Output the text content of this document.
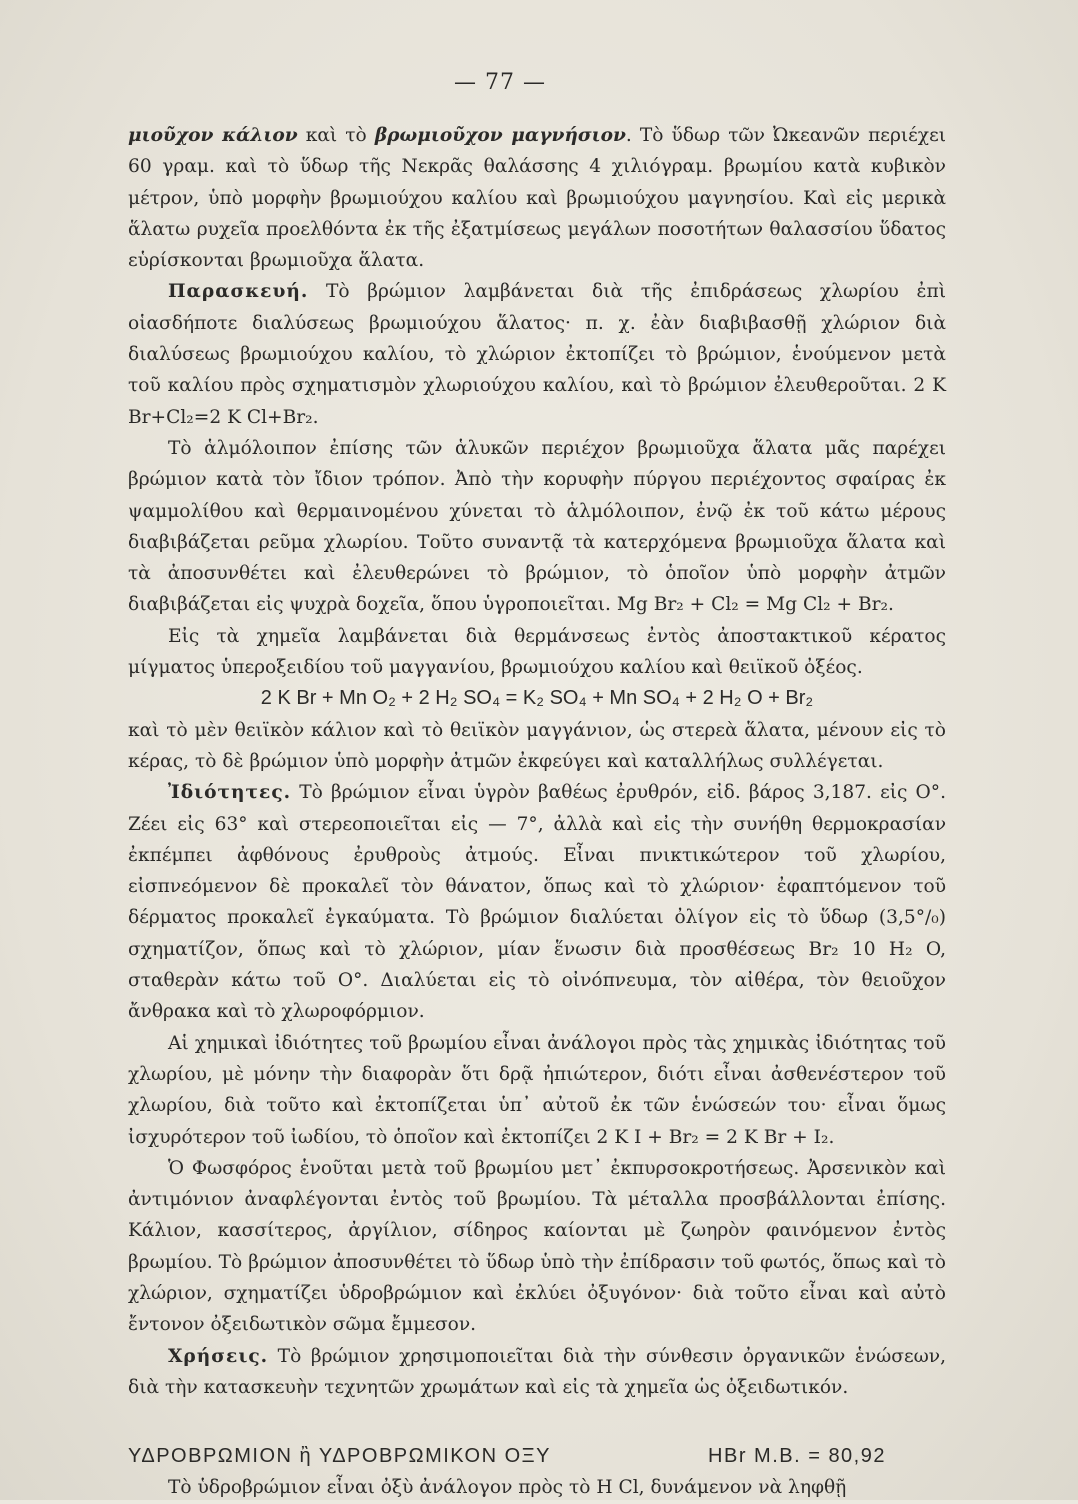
— 77 —

μιοῦχον κάλιον καὶ τὸ βρωμιοῦχον μαγνήσιον. Τὸ ὕδωρ τῶν Ὠκεανῶν περιέχει 60 γραμ. καὶ τὸ ὕδωρ τῆς Νεκρᾶς θαλάσσης 4 χιλιόγραμ. βρωμίου κατὰ κυβικὸν μέτρον, ὑπὸ μορφὴν βρωμιούχου καλίου καὶ βρωμιούχου μαγνησίου. Καὶ εἰς μερικὰ ἅλατω ρυχεῖα προελθόντα ἐκ τῆς ἐξατμίσεως μεγάλων ποσοτήτων θαλασσίου ὕδατος εὑρίσκονται βρωμιοῦχα ἅλατα.

Παρασκευή. Τὸ βρώμιον λαμβάνεται διὰ τῆς ἐπιδράσεως χλωρίου ἐπὶ οἱασδήποτε διαλύσεως βρωμιούχου ἅλατος· π. χ. ἐὰν διαβιβασθῇ χλώριον διὰ διαλύσεως βρωμιούχου καλίου, τὸ χλώριον ἐκτοπίζει τὸ βρώμιον, ἑνούμενον μετὰ τοῦ καλίου πρὸς σχηματισμὸν χλωριούχου καλίου, καὶ τὸ βρώμιον ἐλευθεροῦται. 2 K Br+Cl₂=2 K Cl+Br₂.

Τὸ ἁλμόλοιπον ἐπίσης τῶν ἁλυκῶν περιέχον βρωμιοῦχα ἅλατα μᾶς παρέχει βρώμιον κατὰ τὸν ἴδιον τρόπον. Ἀπὸ τὴν κορυφὴν πύργου περιέχοντος σφαίρας ἐκ ψαμμολίθου καὶ θερμαινομένου χύνεται τὸ ἁλμόλοιπον, ἐνῷ ἐκ τοῦ κάτω μέρους διαβιβάζεται ρεῦμα χλωρίου. Τοῦτο συναντᾷ τὰ κατερχόμενα βρωμιοῦχα ἅλατα καὶ τὰ ἀποσυνθέτει καὶ ἐλευθερώνει τὸ βρώμιον, τὸ ὁποῖον ὑπὸ μορφὴν ἀτμῶν διαβιβάζεται εἰς ψυχρὰ δοχεῖα, ὅπου ὑγροποιεῖται. Mg Br₂ + Cl₂ = Mg Cl₂ + Br₂.

Εἰς τὰ χημεῖα λαμβάνεται διὰ θερμάνσεως ἐντὸς ἀποστακτικοῦ κέρατος μίγματος ὑπεροξειδίου τοῦ μαγγανίου, βρωμιούχου καλίου καὶ θειϊκοῦ ὀξέος.

2 K Br + Mn O₂ + 2 H₂ SO₄ = K₂ SO₄ + Mn SO₄ + 2 H₂ O + Br₂

καὶ τὸ μὲν θειϊκὸν κάλιον καὶ τὸ θειϊκὸν μαγγάνιον, ὡς στερεὰ ἅλατα, μένουν εἰς τὸ κέρας, τὸ δὲ βρώμιον ὑπὸ μορφὴν ἀτμῶν ἐκφεύγει καὶ καταλλήλως συλλέγεται.

Ἰδιότητες. Τὸ βρώμιον εἶναι ὑγρὸν βαθέως ἐρυθρόν, εἰδ. βάρος 3,187. εἰς O°. Ζέει εἰς 63° καὶ στερεοποιεῖται εἰς — 7°, ἀλλὰ καὶ εἰς τὴν συνήθη θερμοκρασίαν ἐκπέμπει ἀφθόνους ἐρυθροὺς ἀτμούς. Εἶναι πνικτικώτερον τοῦ χλωρίου, εἰσπνεόμενον δὲ προκαλεῖ τὸν θάνατον, ὅπως καὶ τὸ χλώριον· ἐφαπτόμενον τοῦ δέρματος προκαλεῖ ἐγκαύματα. Τὸ βρώμιον διαλύεται ὀλίγον εἰς τὸ ὕδωρ (3,5°/₀) σχηματίζον, ὅπως καὶ τὸ χλώριον, μίαν ἕνωσιν διὰ προσθέσεως Br₂ 10 H₂ O, σταθερὰν κάτω τοῦ O°. Διαλύεται εἰς τὸ οἰνόπνευμα, τὸν αἰθέρα, τὸν θειοῦχον ἄνθρακα καὶ τὸ χλωροφόρμιον.

Αἱ χημικαὶ ἰδιότητες τοῦ βρωμίου εἶναι ἀνάλογοι πρὸς τὰς χημικὰς ἰδιότητας τοῦ χλωρίου, μὲ μόνην τὴν διαφορὰν ὅτι δρᾷ ἠπιώτερον, διότι εἶναι ἀσθενέστερον τοῦ χλωρίου, διὰ τοῦτο καὶ ἐκτοπίζεται ὑπ᾽ αὐτοῦ ἐκ τῶν ἑνώσεών του· εἶναι ὅμως ἰσχυρότερον τοῦ ἰωδίου, τὸ ὁποῖον καὶ ἐκτοπίζει 2 K I + Br₂ = 2 K Br + I₂.

Ὁ Φωσφόρος ἑνοῦται μετὰ τοῦ βρωμίου μετ᾽ ἐκπυρσοκροτήσεως. Ἀρσενικὸν καὶ ἀντιμόνιον ἀναφλέγονται ἐντὸς τοῦ βρωμίου. Τὰ μέταλλα προσβάλλονται ἐπίσης. Κάλιον, κασσίτερος, ἀργίλιον, σίδηρος καίονται μὲ ζωηρὸν φαινόμενον ἐντὸς βρωμίου. Τὸ βρώμιον ἀποσυνθέτει τὸ ὕδωρ ὑπὸ τὴν ἐπίδρασιν τοῦ φωτός, ὅπως καὶ τὸ χλώριον, σχηματίζει ὑδροβρώμιον καὶ ἐκλύει ὀξυγόνον· διὰ τοῦτο εἶναι καὶ αὐτὸ ἔντονον ὀξειδωτικὸν σῶμα ἔμμεσον.

Χρήσεις. Τὸ βρώμιον χρησιμοποιεῖται διὰ τὴν σύνθεσιν ὀργανικῶν ἑνώσεων, διὰ τὴν κατασκευὴν τεχνητῶν χρωμάτων καὶ εἰς τὰ χημεῖα ὡς ὀξειδωτικόν.

ΥΔΡΟΒΡΩΜΙΟΝ ἢ ΥΔΡΟΒΡΩΜΙΚΟΝ ΟΞΥ	HBr M.B. = 80,92

Τὸ ὑδροβρώμιον εἶναι ὀξὺ ἀνάλογον πρὸς τὸ H Cl, δυνάμενον νὰ ληφθῇ
